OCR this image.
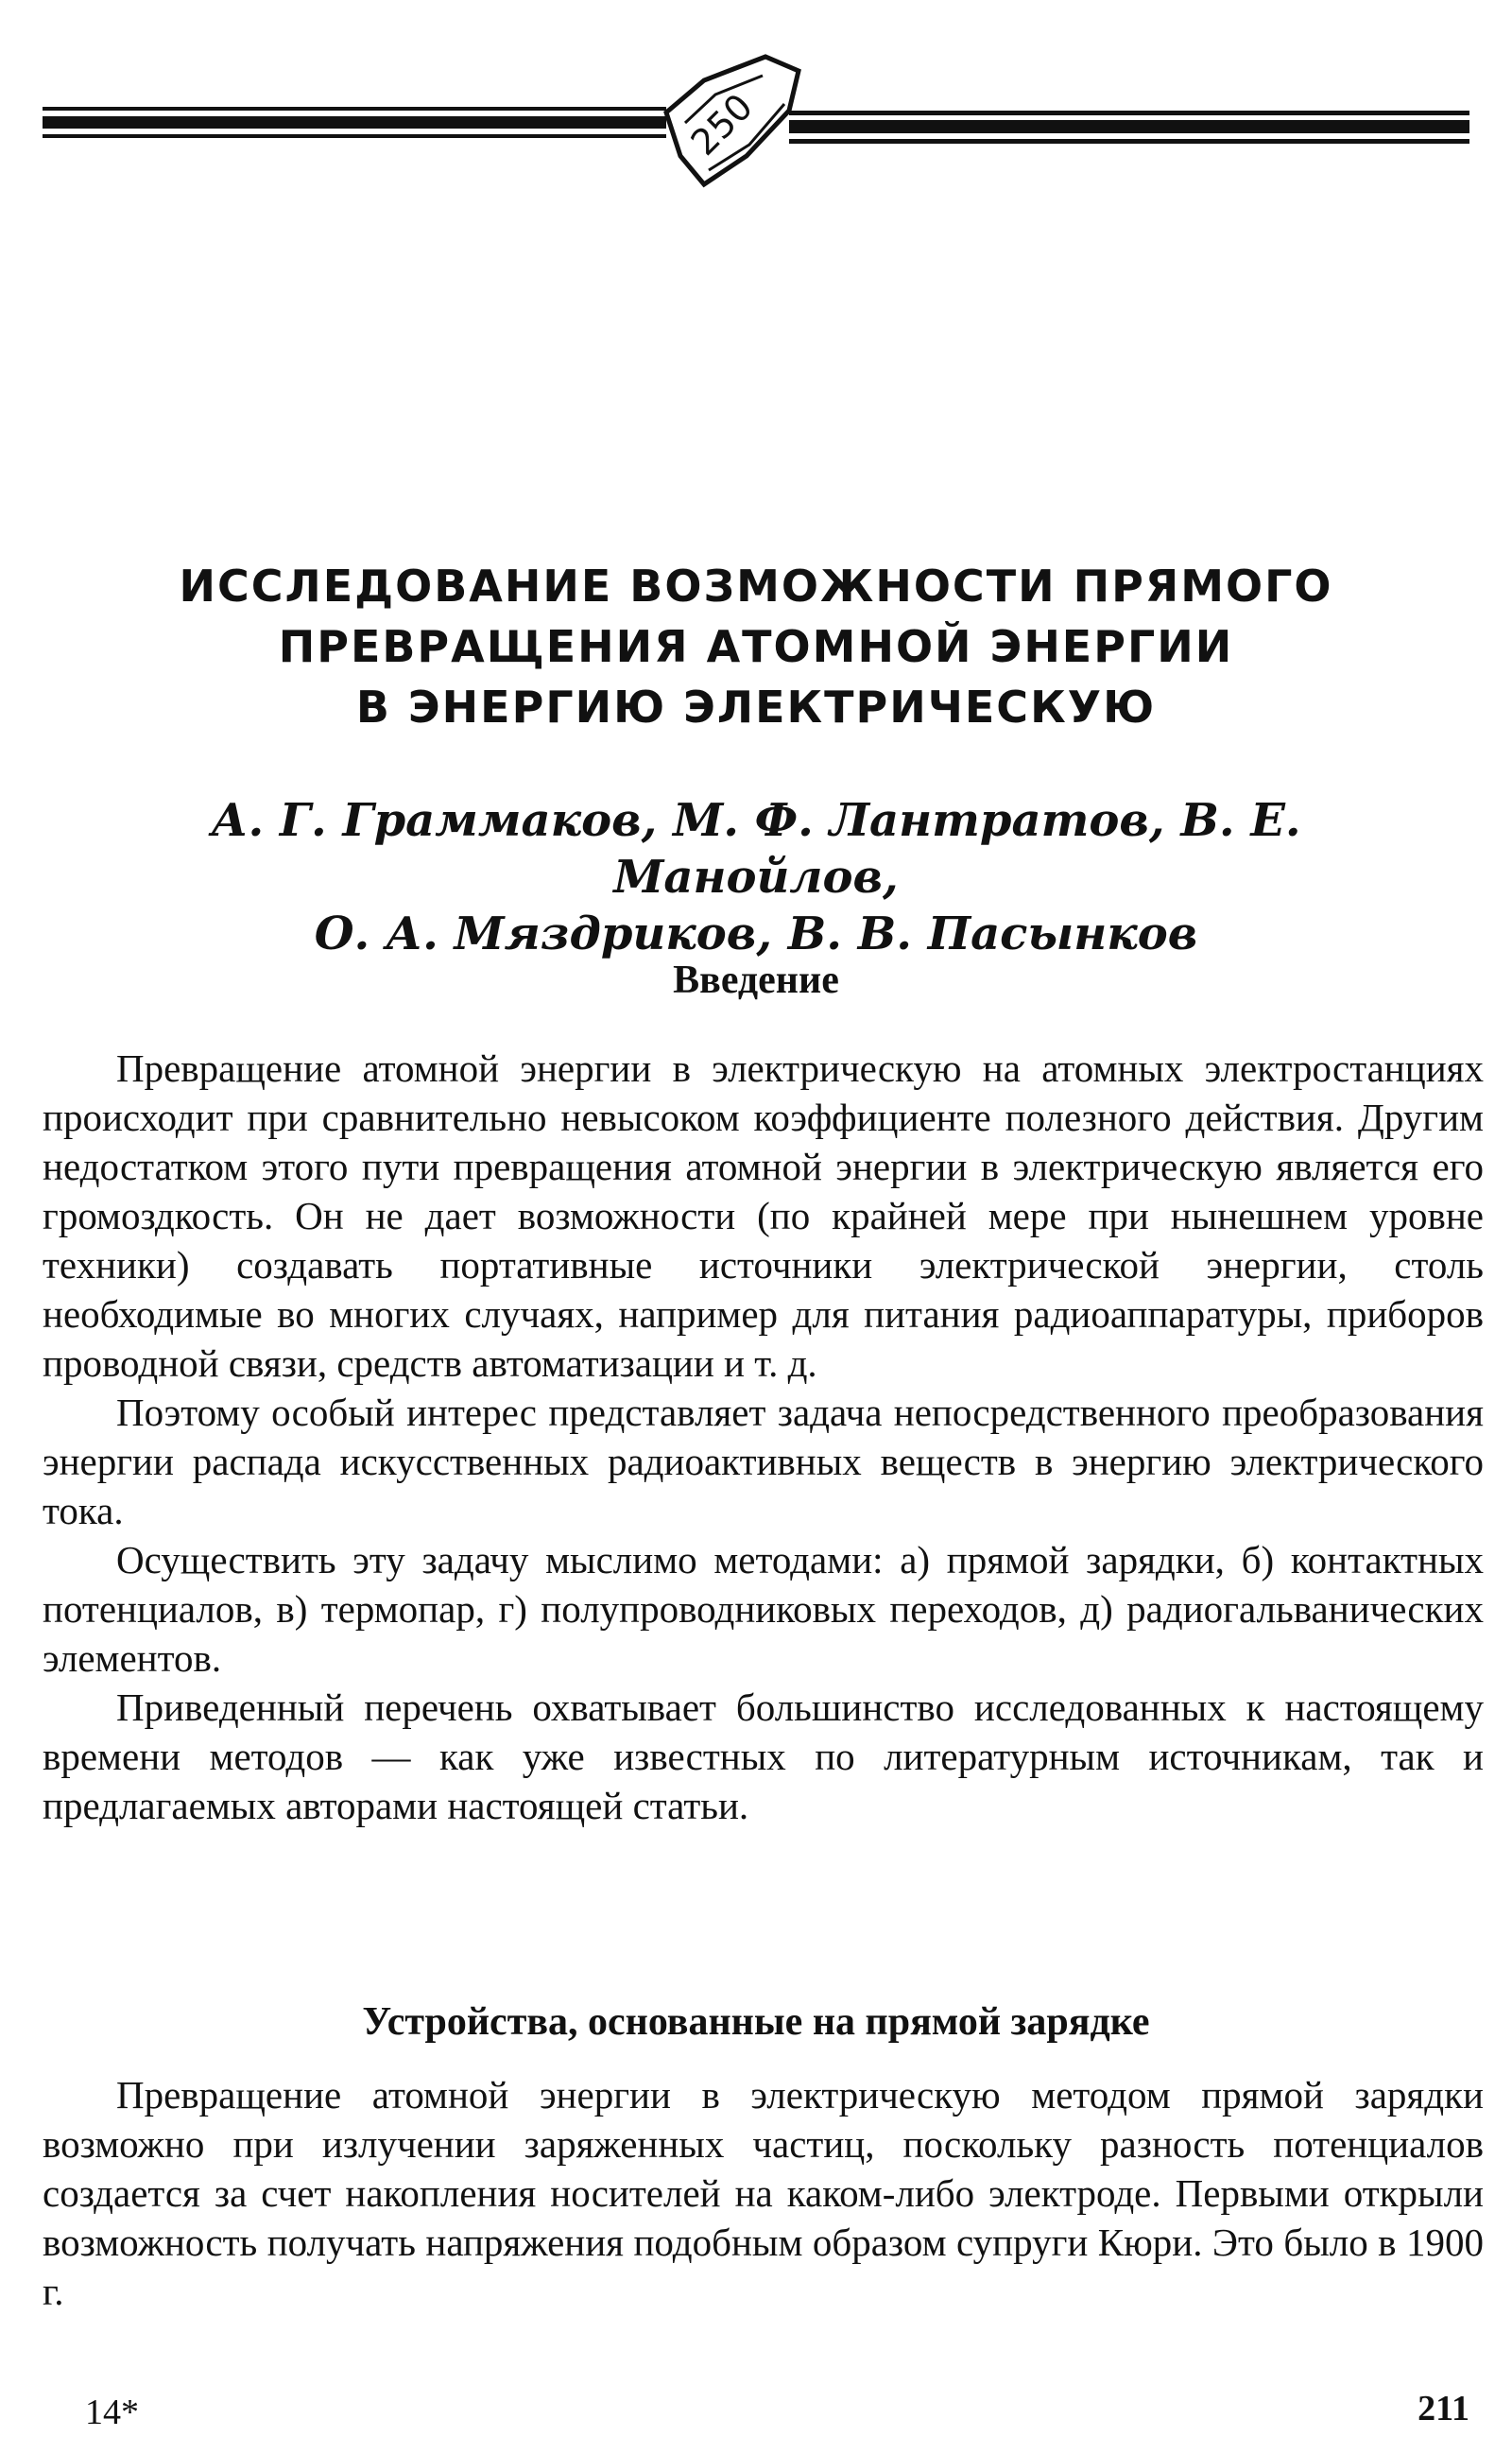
250
ИССЛЕДОВАНИЕ ВОЗМОЖНОСТИ ПРЯМОГО
ПРЕВРАЩЕНИЯ АТОМНОЙ ЭНЕРГИИ
В ЭНЕРГИЮ ЭЛЕКТРИЧЕСКУЮ
А. Г. Граммаков, М. Ф. Лантратов, В. Е. Манойлов,
О. А. Мяздриков, В. В. Пасынков
Введение

Превращение атомной энергии в электрическую на атомных электростанциях происходит при сравнительно невысоком коэффициенте полезного действия. Другим недостатком этого пути превращения атомной энергии в электрическую является его громоздкость. Он не дает возможности (по крайней мере при нынешнем уровне техники) создавать портативные источники электрической энергии, столь необходимые во многих случаях, например для питания радиоаппаратуры, приборов проводной связи, средств автоматизации и т. д.

Поэтому особый интерес представляет задача непосредственного преобразования энергии распада искусственных радиоактивных веществ в энергию электрического тока.

Осуществить эту задачу мыслимо методами: а) прямой зарядки, б) контактных потенциалов, в) термопар, г) полупроводниковых переходов, д) радиогальванических элементов.

Приведенный перечень охватывает большинство исследованных к настоящему времени методов — как уже известных по литературным источникам, так и предлагаемых авторами настоящей статьи.

Устройства, основанные на прямой зарядке

Превращение атомной энергии в электрическую методом прямой зарядки возможно при излучении заряженных частиц, поскольку разность потенциалов создается за счет накопления носителей на каком-либо электроде. Первыми открыли возможность получать напряжения подобным образом супруги Кюри. Это было в 1900 г.

14*	211
